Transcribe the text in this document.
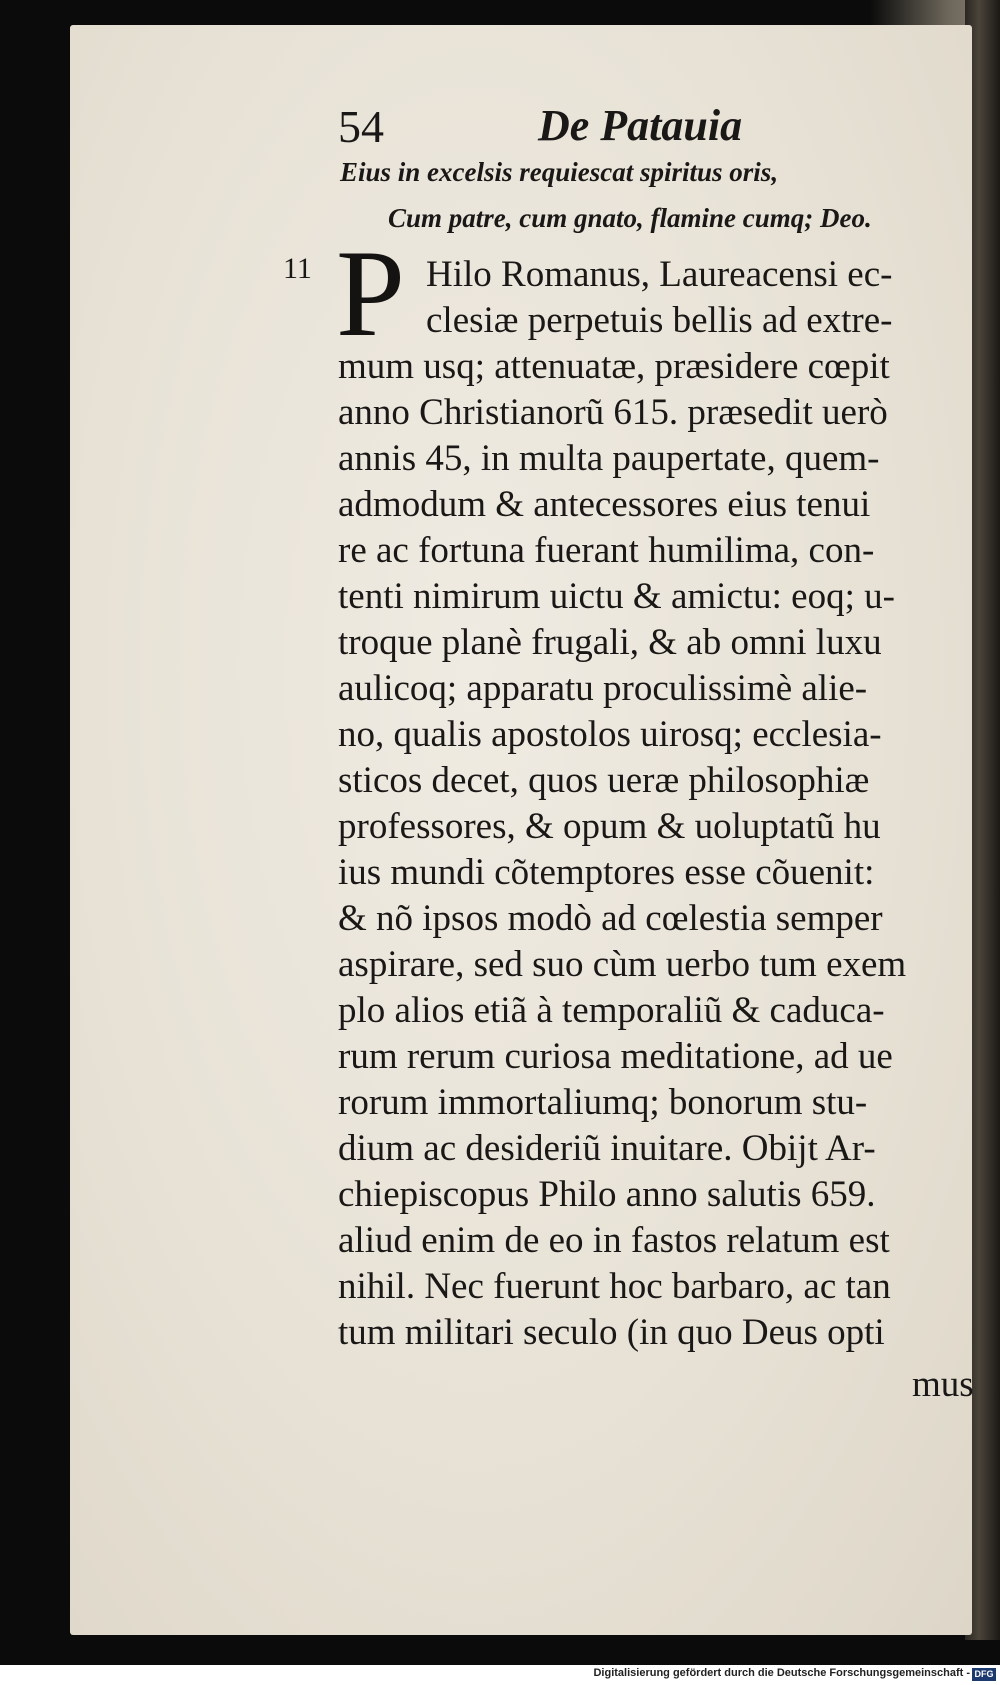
54	De Patauia
Eius in excelsis requiescat spiritus oris,
Cum patre, cum gnato, flamine cumq; Deo.
11 P Hilo Romanus, Laureacensi ec-
clesiæ perpetuis bellis ad extre-
mum usq; attenuatæ, præsidere cœpit
anno Christianorũ 615. præsedit uerò
annis 45, in multa paupertate, quem-
admodum & antecessores eius tenui
re ac fortuna fuerant humilima, con-
tenti nimirum uictu & amictu: eoq; u-
troque planè frugali, & ab omni luxu
aulicoq; apparatu proculissimè alie-
no, qualis apostolos uirosq; ecclesia-
sticos decet, quos ueræ philosophiæ
professores, & opum & uoluptatũ hu
ius mundi cõtemptores esse cõuenit:
& nõ ipsos modò ad cœlestia semper
aspirare, sed suo cùm uerbo tum exem
plo alios etiã à temporaliũ & caduca-
rum rerum curiosa meditatione, ad ue
rorum immortaliumq; bonorum stu-
dium ac desideriũ inuitare. Obijt Ar-
chiepiscopus Philo anno salutis 659.
aliud enim de eo in fastos relatum est
nihil. Nec fuerunt hoc barbaro, ac tan
tum militari seculo (in quo Deus opti
mus
Digitalisierung gefördert durch die Deutsche Forschungsgemeinschaft - DFG
